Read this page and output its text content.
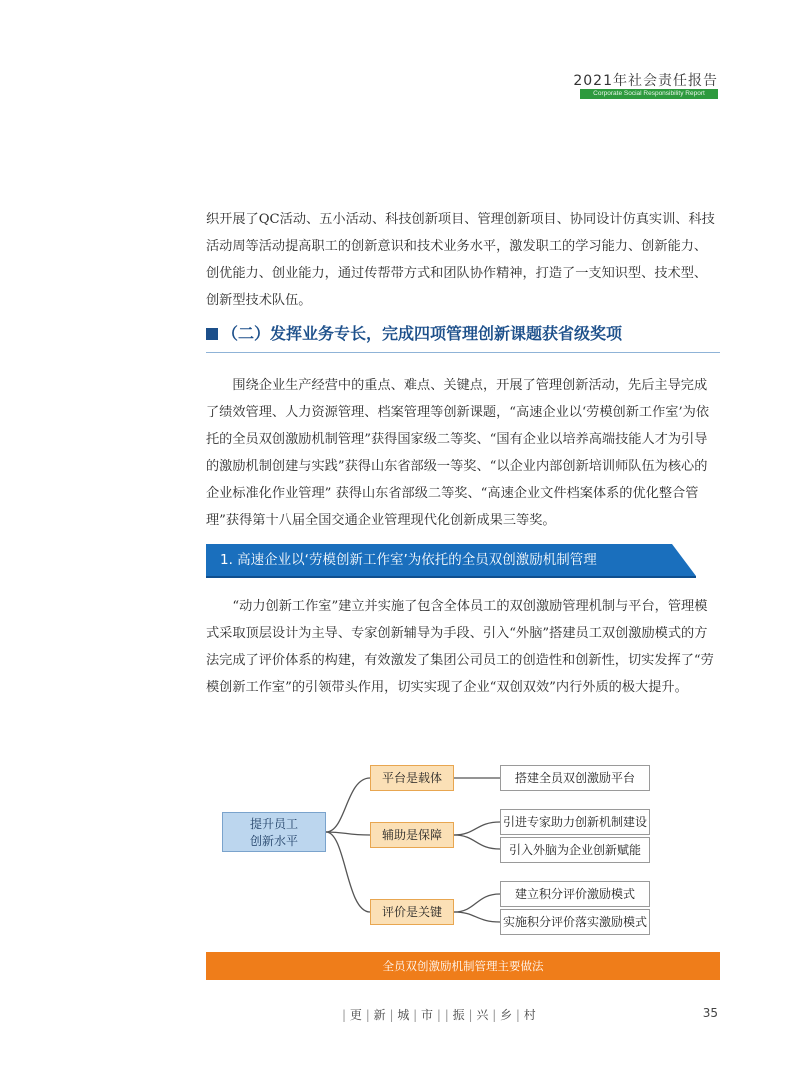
2021年社会责任报告
Corporate Social Responsibility Report

织开展了QC活动、五小活动、科技创新项目、管理创新项目、协同设计仿真实训、科技活动周等活动提高职工的创新意识和技术业务水平，激发职工的学习能力、创新能力、创优能力、创业能力，通过传帮带方式和团队协作精神，打造了一支知识型、技术型、创新型技术队伍。

（二）发挥业务专长，完成四项管理创新课题获省级奖项

围绕企业生产经营中的重点、难点、关键点，开展了管理创新活动，先后主导完成了绩效管理、人力资源管理、档案管理等创新课题，“高速企业以‘劳模创新工作室’为依托的全员双创激励机制管理”获得国家级二等奖、“国有企业以培养高端技能人才为引导的激励机制创建与实践”获得山东省部级一等奖、“以企业内部创新培训师队伍为核心的企业标准化作业管理” 获得山东省部级二等奖、“高速企业文件档案体系的优化整合管理”获得第十八届全国交通企业管理现代化创新成果三等奖。

1. 高速企业以‘劳模创新工作室’为依托的全员双创激励机制管理

“动力创新工作室”建立并实施了包含全体员工的双创激励管理机制与平台，管理模式采取顶层设计为主导、专家创新辅导为手段、引入“外脑”搭建员工双创激励模式的方法完成了评价体系的构建，有效激发了集团公司员工的创造性和创新性，切实发挥了“劳模创新工作室”的引领带头作用，切实实现了企业“双创双效”内行外质的极大提升。

提升员工
创新水平
平台是载体
辅助是保障
评价是关键
搭建全员双创激励平台
引进专家助力创新机制建设
引入外脑为企业创新赋能
建立积分评价激励模式
实施积分评价落实激励模式
全员双创激励机制管理主要做法
| 更 | 新 | 城 | 市 | | 振 | 兴 | 乡 | 村	35
